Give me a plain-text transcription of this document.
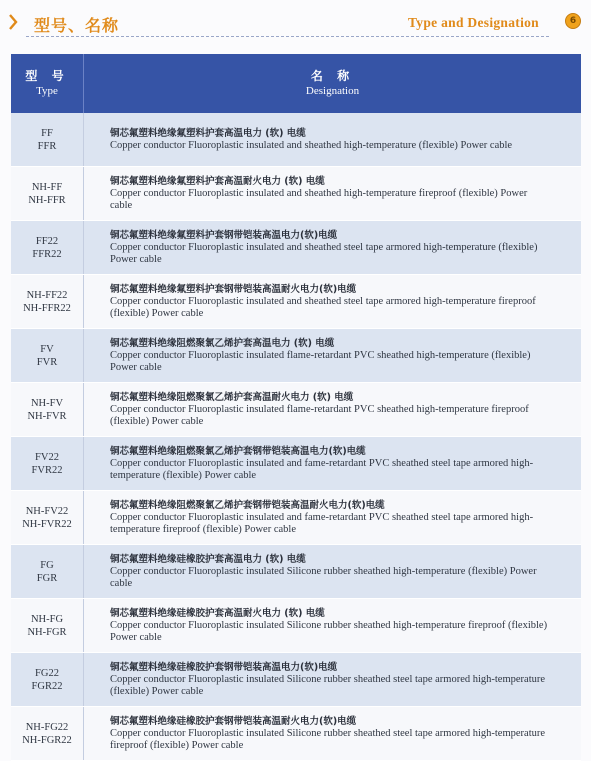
型号、名称	Type and Designation	6
型 号
Type
名 称
Designation
FF
FFR
铜芯氟塑料绝缘氟塑料护套高温电力 (软) 电缆
Copper conductor Fluoroplastic insulated and sheathed high-temperature (flexible) Power cable
NH-FF
NH-FFR
铜芯氟塑料绝缘氟塑料护套高温耐火电力 (软) 电缆
Copper conductor Fluoroplastic insulated and sheathed high-temperature fireproof (flexible) Power cable
FF22
FFR22
铜芯氟塑料绝缘氟塑料护套钢带铠装高温电力(软)电缆
Copper conductor Fluoroplastic insulated and sheathed steel tape armored high-temperature (flexible) Power cable
NH-FF22
NH-FFR22
铜芯氟塑料绝缘氟塑料护套钢带铠装高温耐火电力(软)电缆
Copper conductor Fluoroplastic insulated and sheathed steel tape armored high-temperature fireproof (flexible) Power cable
FV
FVR
铜芯氟塑料绝缘阻燃聚氯乙烯护套高温电力 (软) 电缆
Copper conductor Fluoroplastic insulated flame-retardant PVC sheathed high-temperature (flexible) Power cable
NH-FV
NH-FVR
铜芯氟塑料绝缘阻燃聚氯乙烯护套高温耐火电力 (软) 电缆
Copper conductor Fluoroplastic insulated flame-retardant PVC sheathed high-temperature fireproof (flexible) Power cable
FV22
FVR22
铜芯氟塑料绝缘阻燃聚氯乙烯护套钢带铠装高温电力(软)电缆
Copper conductor Fluoroplastic insulated and fame-retardant PVC sheathed steel tape armored high-temperature (flexible) Power cable
NH-FV22
NH-FVR22
铜芯氟塑料绝缘阻燃聚氯乙烯护套钢带铠装高温耐火电力(软)电缆
Copper conductor Fluoroplastic insulated and fame-retardant PVC sheathed steel tape armored high-temperature fireproof (flexible) Power cable
FG
FGR
铜芯氟塑料绝缘硅橡胶护套高温电力 (软) 电缆
Copper conductor Fluoroplastic insulated Silicone rubber sheathed high-temperature (flexible) Power cable
NH-FG
NH-FGR
铜芯氟塑料绝缘硅橡胶护套高温耐火电力 (软) 电缆
Copper conductor Fluoroplastic insulated Silicone rubber sheathed high-temperature fireproof (flexible) Power cable
FG22
FGR22
铜芯氟塑料绝缘硅橡胶护套钢带铠装高温电力(软)电缆
Copper conductor Fluoroplastic insulated Silicone rubber sheathed steel tape armored high-temperature (flexible) Power cable
NH-FG22
NH-FGR22
铜芯氟塑料绝缘硅橡胶护套钢带铠装高温耐火电力(软)电缆
Copper conductor Fluoroplastic insulated Silicone rubber sheathed steel tape armored high-temperature fireproof (flexible) Power cable
